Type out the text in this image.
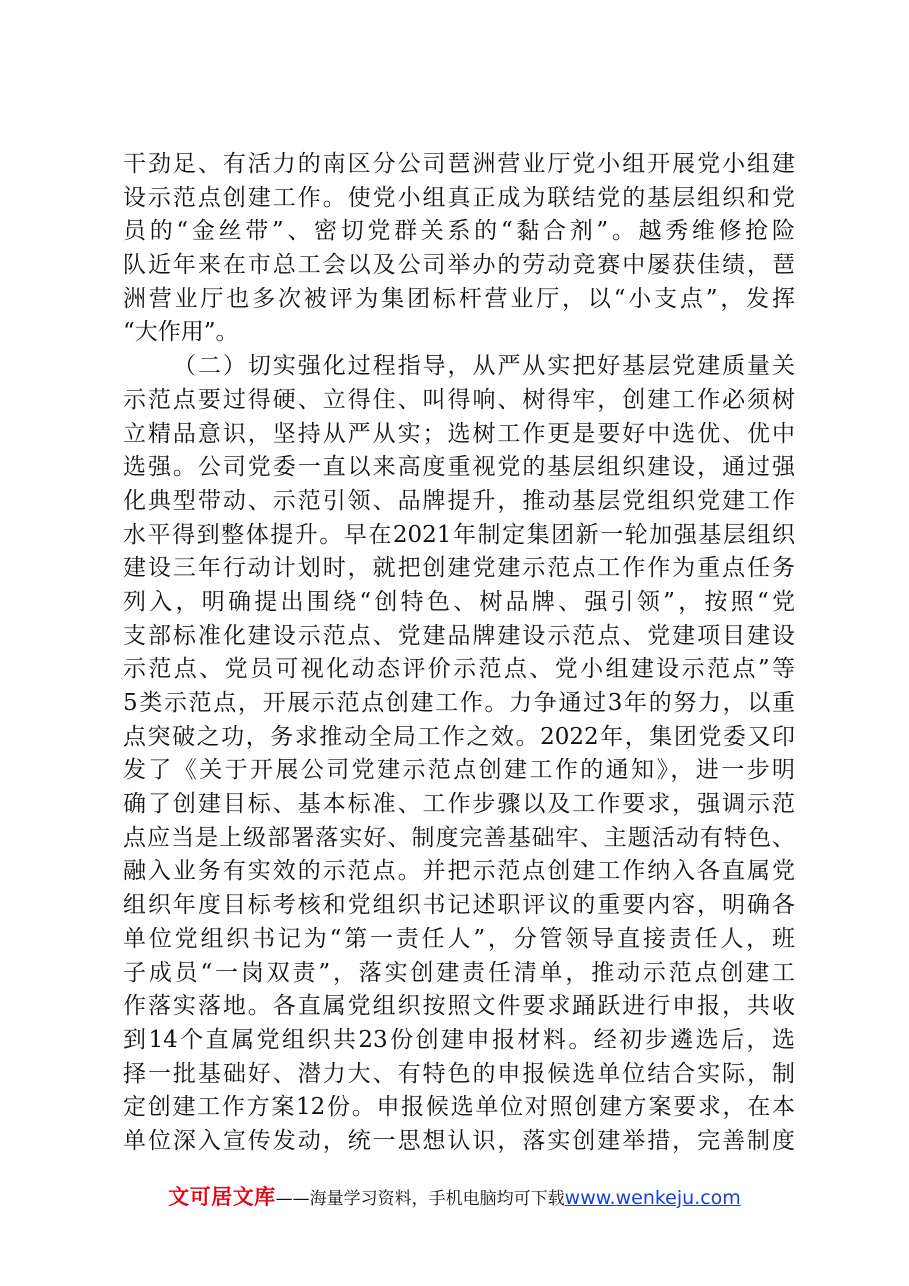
干劲足、有活力的南区分公司琶洲营业厅党小组开展党小组建
设示范点创建工作。使党小组真正成为联结党的基层组织和党
员的“金丝带”、密切党群关系的“黏合剂”。越秀维修抢险
队近年来在市总工会以及公司举办的劳动竞赛中屡获佳绩，琶
洲营业厅也多次被评为集团标杆营业厅，以“小支点”，发挥
“大作用”。
（二）切实强化过程指导，从严从实把好基层党建质量关
示范点要过得硬、立得住、叫得响、树得牢，创建工作必须树
立精品意识，坚持从严从实；选树工作更是要好中选优、优中
选强。公司党委一直以来高度重视党的基层组织建设，通过强
化典型带动、示范引领、品牌提升，推动基层党组织党建工作
水平得到整体提升。早在2021年制定集团新一轮加强基层组织
建设三年行动计划时，就把创建党建示范点工作作为重点任务
列入，明确提出围绕“创特色、树品牌、强引领”，按照“党
支部标准化建设示范点、党建品牌建设示范点、党建项目建设
示范点、党员可视化动态评价示范点、党小组建设示范点”等
5类示范点，开展示范点创建工作。力争通过3年的努力，以重
点突破之功，务求推动全局工作之效。2022年，集团党委又印
发了《关于开展公司党建示范点创建工作的通知》，进一步明
确了创建目标、基本标准、工作步骤以及工作要求，强调示范
点应当是上级部署落实好、制度完善基础牢、主题活动有特色、
融入业务有实效的示范点。并把示范点创建工作纳入各直属党
组织年度目标考核和党组织书记述职评议的重要内容，明确各
单位党组织书记为“第一责任人”，分管领导直接责任人，班
子成员“一岗双责”，落实创建责任清单，推动示范点创建工
作落实落地。各直属党组织按照文件要求踊跃进行申报，共收
到14个直属党组织共23份创建申报材料。经初步遴选后，选
择一批基础好、潜力大、有特色的申报候选单位结合实际，制
定创建工作方案12份。申报候选单位对照创建方案要求，在本
单位深入宣传发动，统一思想认识，落实创建举措，完善制度
文可居文库——海量学习资料，手机电脑均可下载www.wenkeju.com
